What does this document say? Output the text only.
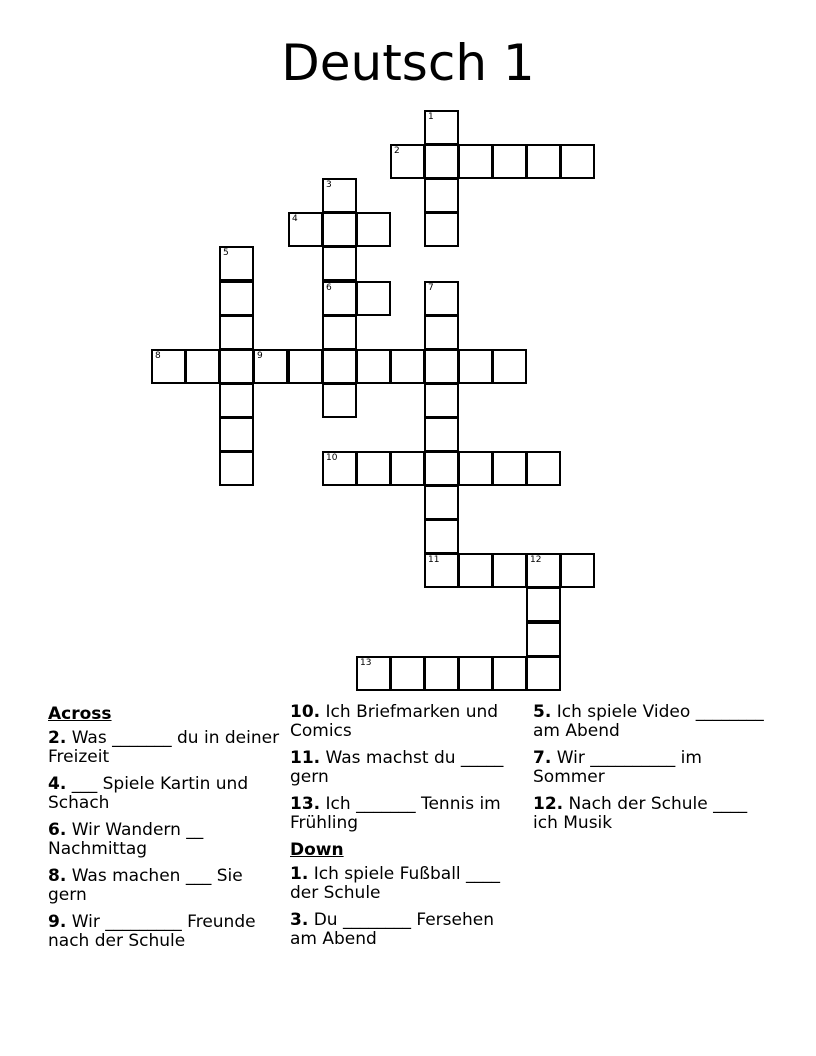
Deutsch 1
1
2
3
4
5
6	7
8	9
10
11	12
13
Across
2. Was _______ du in deiner Freizeit
4. ___ Spiele Kartin und Schach
6. Wir Wandern __ Nachmittag
8. Was machen ___ Sie gern
9. Wir _________ Freunde nach der Schule
10. Ich Briefmarken und Comics
11. Was machst du _____ gern
13. Ich _______ Tennis im Frühling
Down
1. Ich spiele Fußball ____ der Schule
3. Du ________ Fersehen am Abend
5. Ich spiele Video ________ am Abend
7. Wir __________ im Sommer
12. Nach der Schule ____ ich Musik
